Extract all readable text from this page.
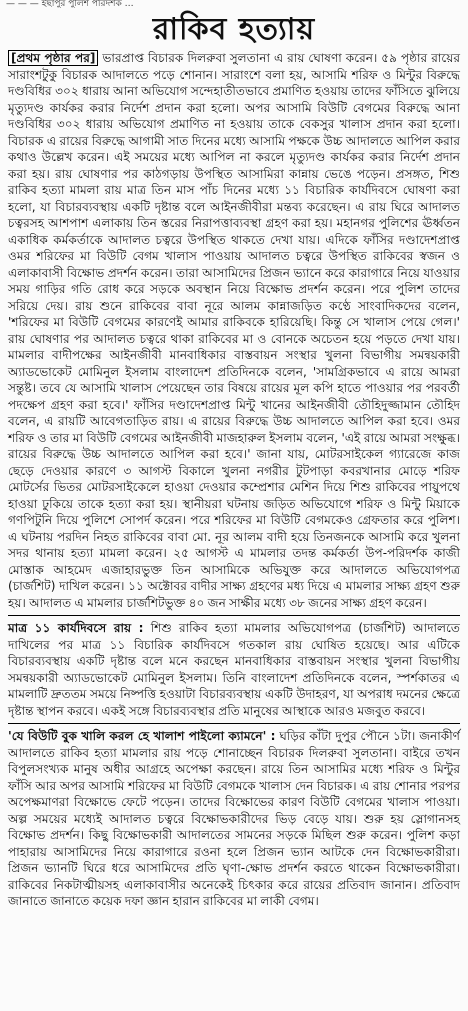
— — — ইছাপুর পুলিশ পরিদর্শক …
রাকিব হত্যায়

[প্রথম পৃষ্ঠার পর] ভারপ্রাপ্ত বিচারক দিলরুবা সুলতানা এ রায় ঘোষণা করেন। ৫৯ পৃষ্ঠার রায়ের সারাংশটুকু বিচারক আদালতে পড়ে শোনান। সারাংশে বলা হয়, আসামি শরিফ ও মিন্টুর বিরুদ্ধে দণ্ডবিধির ৩০২ ধারায় আনা অভিযোগ সন্দেহাতীতভাবে প্রমাণিত হওয়ায় তাদের ফাঁসিতে ঝুলিয়ে মৃত্যুদণ্ড কার্যকর করার নির্দেশ প্রদান করা হলো। অপর আসামি বিউটি বেগমের বিরুদ্ধে আনা দণ্ডবিধির ৩০২ ধারায় অভিযোগ প্রমাণিত না হওয়ায় তাকে বেকসুর খালাস প্রদান করা হলো। বিচারক এ রায়ের বিরুদ্ধে আগামী সাত দিনের মধ্যে আসামি পক্ষকে উচ্চ আদালতে আপিল করার কথাও উল্লেখ করেন। এই সময়ের মধ্যে আপিল না করলে মৃত্যুদণ্ড কার্যকর করার নির্দেশ প্রদান করা হয়। রায় ঘোষণার পর কাঠগড়ায় উপস্থিত আসামিরা কান্নায় ভেঙে পড়েন। প্রসঙ্গত, শিশু রাকিব হত্যা মামলা রায় মাত্র তিন মাস পাঁচ দিনের মধ্যে ১১ বিচারিক কার্যদিবসে ঘোষণা করা হলো, যা বিচারব্যবস্থায় একটি দৃষ্টান্ত বলে আইনজীবীরা মন্তব্য করেছেন। এ রায় ঘিরে আদালত চত্বরসহ আশপাশ এলাকায় তিন স্তরের নিরাপত্তাব্যবস্থা গ্রহণ করা হয়। মহানগর পুলিশের ঊর্ধ্বতন একাধিক কর্মকর্তাকে আদালত চত্বরে উপস্থিত থাকতে দেখা যায়। এদিকে ফাঁসির দণ্ডাদেশপ্রাপ্ত ওমর শরিফের মা বিউটি বেগম খালাস পাওয়ায় আদালত চত্বরে উপস্থিত রাকিবের স্বজন ও এলাকাবাসী বিক্ষোভ প্রদর্শন করেন। তারা আসামিদের প্রিজন ভ্যানে করে কারাগারে নিয়ে যাওয়ার সময় গাড়ির গতি রোধ করে সড়কে অবস্থান নিয়ে বিক্ষোভ প্রদর্শন করেন। পরে পুলিশ তাদের সরিয়ে দেয়। রায় শুনে রাকিবের বাবা নূরে আলম কান্নাজড়িত কণ্ঠে সাংবাদিকদের বলেন, 'শরিফের মা বিউটি বেগমের কারণেই আমার রাকিবকে হারিয়েছি। কিন্তু সে খালাস পেয়ে গেল।' রায় ঘোষণার পর আদালত চত্বরে থাকা রাকিবের মা ও বোনকে অচেতন হয়ে পড়তে দেখা যায়। মামলার বাদীপক্ষের আইনজীবী মানবাধিকার বাস্তবায়ন সংস্থার খুলনা বিভাগীয় সমন্বয়কারী অ্যাডভোকেট মোমিনুল ইসলাম বাংলাদেশ প্রতিদিনকে বলেন, 'সামগ্রিকভাবে এ রায়ে আমরা সন্তুষ্ট। তবে যে আসামি খালাস পেয়েছেন তার বিষয়ে রায়ের মূল কপি হাতে পাওয়ার পর পরবর্তী পদক্ষেপ গ্রহণ করা হবে।' ফাঁসির দণ্ডাদেশপ্রাপ্ত মিন্টু খানের আইনজীবী তৌহিদুজ্জামান তৌহিদ বলেন, এ রায়টি আবেগতাড়িত রায়। এ রায়ের বিরুদ্ধে উচ্চ আদালতে আপিল করা হবে। ওমর শরিফ ও তার মা বিউটি বেগমের আইনজীবী মাজহারুল ইসলাম বলেন, 'এই রায়ে আমরা সংক্ষুব্ধ। রায়ের বিরুদ্ধে উচ্চ আদালতে আপিল করা হবে।' জানা যায়, মোটরসাইকেল গ্যারেজে কাজ ছেড়ে দেওয়ার কারণে ৩ আগস্ট বিকালে খুলনা নগরীর টুটপাড়া কবরখানার মোড়ে শরিফ মোটর্সের ভিতর মোটরসাইকেলে হাওয়া দেওয়ার কম্প্রেশার মেশিন দিয়ে শিশু রাকিবের পায়ুপথে হাওয়া ঢুকিয়ে তাকে হত্যা করা হয়। স্থানীয়রা ঘটনায় জড়িত অভিযোগে শরিফ ও মিন্টু মিয়াকে গণপিটুনি দিয়ে পুলিশে সোপর্দ করেন। পরে শরিফের মা বিউটি বেগমকেও গ্রেফতার করে পুলিশ। এ ঘটনায় পরদিন নিহত রাকিবের বাবা মো. নূর আলম বাদী হয়ে তিনজনকে আসামি করে খুলনা সদর থানায় হত্যা মামলা করেন। ২৫ আগস্ট এ মামলার তদন্ত কর্মকর্তা উপ-পরিদর্শক কাজী মোস্তাক আহমেদ এজাহারভুক্ত তিন আসামিকে অভিযুক্ত করে আদালতে অভিযোগপত্র (চার্জশিট) দাখিল করেন। ১১ অক্টোবর বাদীর সাক্ষ্য গ্রহণের মধ্য দিয়ে এ মামলার সাক্ষ্য গ্রহণ শুরু হয়। আদালত এ মামলার চার্জশিটভুক্ত ৪০ জন সাক্ষীর মধ্যে ৩৮ জনের সাক্ষ্য গ্রহণ করেন।

মাত্র ১১ কার্যদিবসে রায় : শিশু রাকিব হত্যা মামলার অভিযোগপত্র (চার্জশিট) আদালতে দাখিলের পর মাত্র ১১ বিচারিক কার্যদিবসে গতকাল রায় ঘোষিত হয়েছে। আর এটিকে বিচারব্যবস্থায় একটি দৃষ্টান্ত বলে মনে করছেন মানবাধিকার বাস্তবায়ন সংস্থার খুলনা বিভাগীয় সমন্বয়কারী অ্যাডভোকেট মোমিনুল ইসলাম। তিনি বাংলাদেশ প্রতিদিনকে বলেন, স্পর্শকাতর এ মামলাটি দ্রুততম সময়ে নিষ্পত্তি হওয়াটা বিচারব্যবস্থায় একটি উদাহরণ, যা অপরাধ দমনের ক্ষেত্রে দৃষ্টান্ত স্থাপন করবে। একই সঙ্গে বিচারব্যবস্থার প্রতি মানুষের আস্থাকে আরও মজবুত করবে।

'যে বিউটি বুক খালি করল হে খালাশ পাইলো ক্যামনে' : ঘড়ির কাঁটা দুপুর পৌনে ১টা। জনাকীর্ণ আদালতে রাকিব হত্যা মামলার রায় পড়ে শোনাচ্ছেন বিচারক দিলরুবা সুলতানা। বাইরে তখন বিপুলসংখ্যক মানুষ অধীর আগ্রহে অপেক্ষা করছেন। রায়ে তিন আসামির মধ্যে শরিফ ও মিন্টুর ফাঁসি আর অপর আসামি শরিফের মা বিউটি বেগমকে খালাস দেন বিচারক। এ রায় শোনার পরপর অপেক্ষমাণরা বিক্ষোভে ফেটে পড়েন। তাদের বিক্ষোভের কারণ বিউটি বেগমের খালাস পাওয়া। অল্প সময়ের মধ্যেই আদালত চত্বরে বিক্ষোভকারীদের ভিড় বেড়ে যায়। শুরু হয় স্লোগানসহ বিক্ষোভ প্রদর্শন। কিছু বিক্ষোভকারী আদালতের সামনের সড়কে মিছিল শুরু করেন। পুলিশ কড়া পাহারায় আসামিদের নিয়ে কারাগারে রওনা হলে প্রিজন ভ্যান আটকে দেন বিক্ষোভকারীরা। প্রিজন ভ্যানটি ঘিরে ধরে আসামিদের প্রতি ঘৃণা-ক্ষোভ প্রদর্শন করতে থাকেন বিক্ষোভকারীরা। রাকিবের নিকটাত্মীয়সহ এলাকাবাসীর অনেকেই চিৎকার করে রায়ের প্রতিবাদ জানান। প্রতিবাদ জানাতে জানাতে কয়েক দফা জ্ঞান হারান রাকিবের মা লাকী বেগম।
